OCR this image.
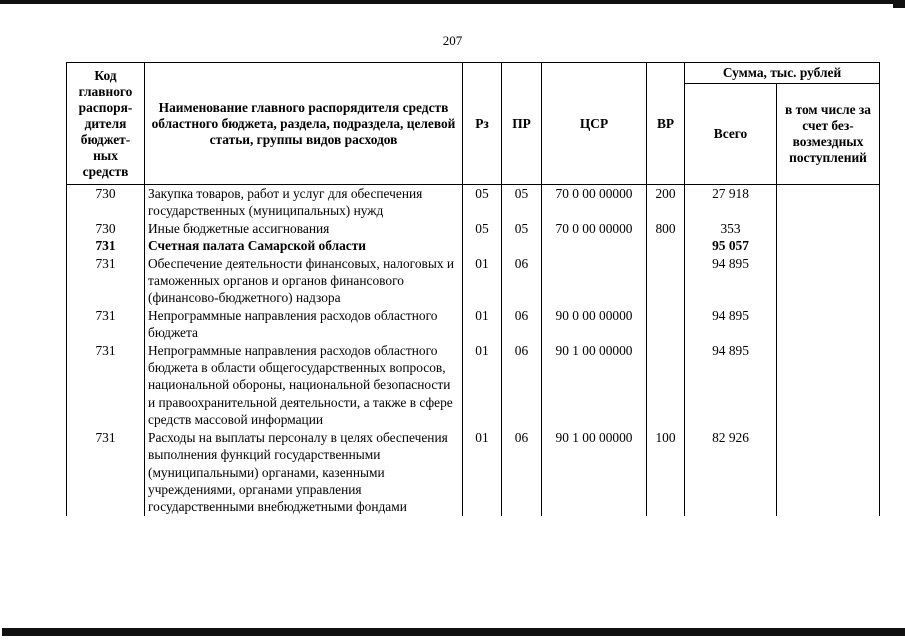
207
Код главного распоря-дителя бюджет-ных средств	Наименование главного распорядителя средств областного бюджета, раздела, подраздела, целевой статьи, группы видов расходов	Рз	ПР	ЦСР	ВР	Сумма, тыс. рублей	
						Всего	в том числе за счет без-возмездных поступлений
730	Закупка товаров, работ и услуг для обеспечения государственных (муниципальных) нужд	05	05	70 0 00 00000	200	27 918	
730	Иные бюджетные ассигнования	05	05	70 0 00 00000	800	353	
731	Счетная палата Самарской области					95 057	
731	Обеспечение деятельности финансовых, налоговых и таможенных органов и органов финансового (финансово-бюджетного) надзора	01	06			94 895	
731	Непрограммные направления расходов областного бюджета	01	06	90 0 00 00000		94 895	
731	Непрограммные направления расходов областного бюджета в области общегосударственных вопросов, национальной обороны, национальной безопасности и правоохранительной деятельности, а также в сфере средств массовой информации	01	06	90 1 00 00000		94 895	
731	Расходы на выплаты персоналу в целях обеспечения выполнения функций государственными (муниципальными) органами, казенными учреждениями, органами управления государственными внебюджетными фондами	01	06	90 1 00 00000	100	82 926	
